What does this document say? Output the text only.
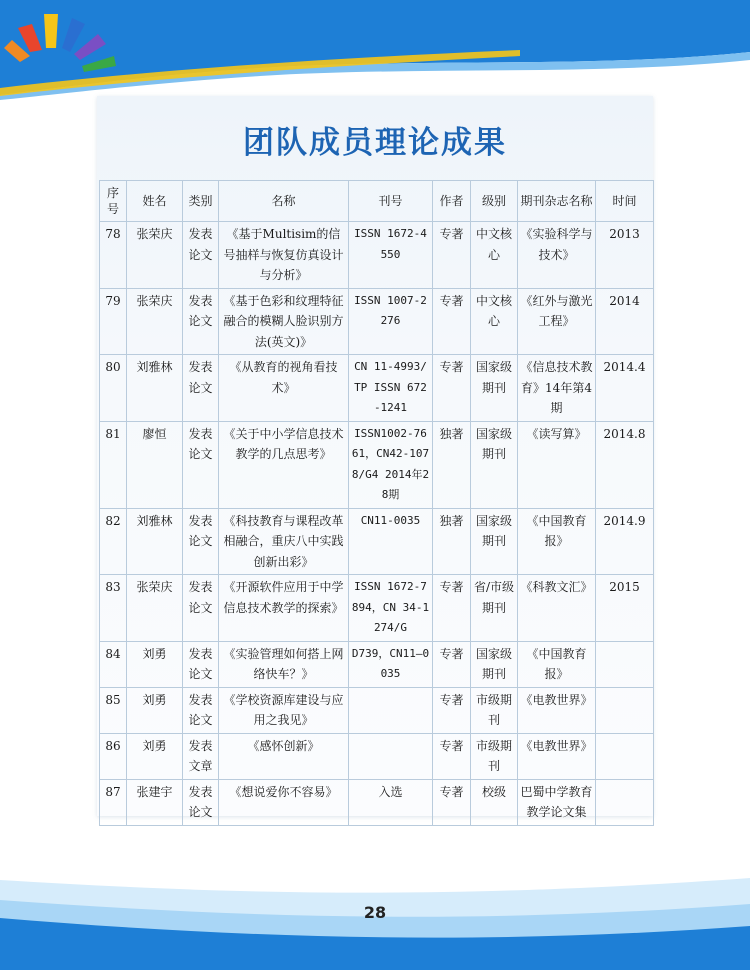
团队成员理论成果
序号	姓名	类别	名称	刊号	作者	级别	期刊杂志名称	时间
78	张荣庆	发表论文	《基于Multisim的信号抽样与恢复仿真设计与分析》	ISSN 1672-4550	专著	中文核心	《实验科学与技术》	2013
79	张荣庆	发表论文	《基于色彩和纹理特征融合的模糊人脸识别方法(英文)》	ISSN 1007-2276	专著	中文核心	《红外与激光工程》	2014
80	刘雅林	发表论文	《从教育的视角看技术》	CN 11-4993/TP ISSN 672-1241	专著	国家级期刊	《信息技术教育》14年第4期	2014.4
81	廖恒	发表论文	《关于中小学信息技术教学的几点思考》	ISSN1002-7661，CN42-1078/G4 2014年28期	独著	国家级期刊	《读写算》	2014.8
82	刘雅林	发表论文	《科技教育与课程改革相融合，重庆八中实践创新出彩》	CN11-0035	独著	国家级期刊	《中国教育报》	2014.9
83	张荣庆	发表论文	《开源软件应用于中学信息技术教学的探索》	ISSN 1672-7894，CN 34-1274/G	专著	省/市级期刊	《科教文汇》	2015
84	刘勇	发表论文	《实验管理如何搭上网络快车？》	D739，CN11—0035	专著	国家级期刊	《中国教育报》	
85	刘勇	发表论文	《学校资源库建设与应用之我见》		专著	市级期刊	《电教世界》	
86	刘勇	发表文章	《感怀创新》		专著	市级期刊	《电教世界》	
87	张建宇	发表论文	《想说爱你不容易》	入选	专著	校级	巴蜀中学教育教学论文集	
28
